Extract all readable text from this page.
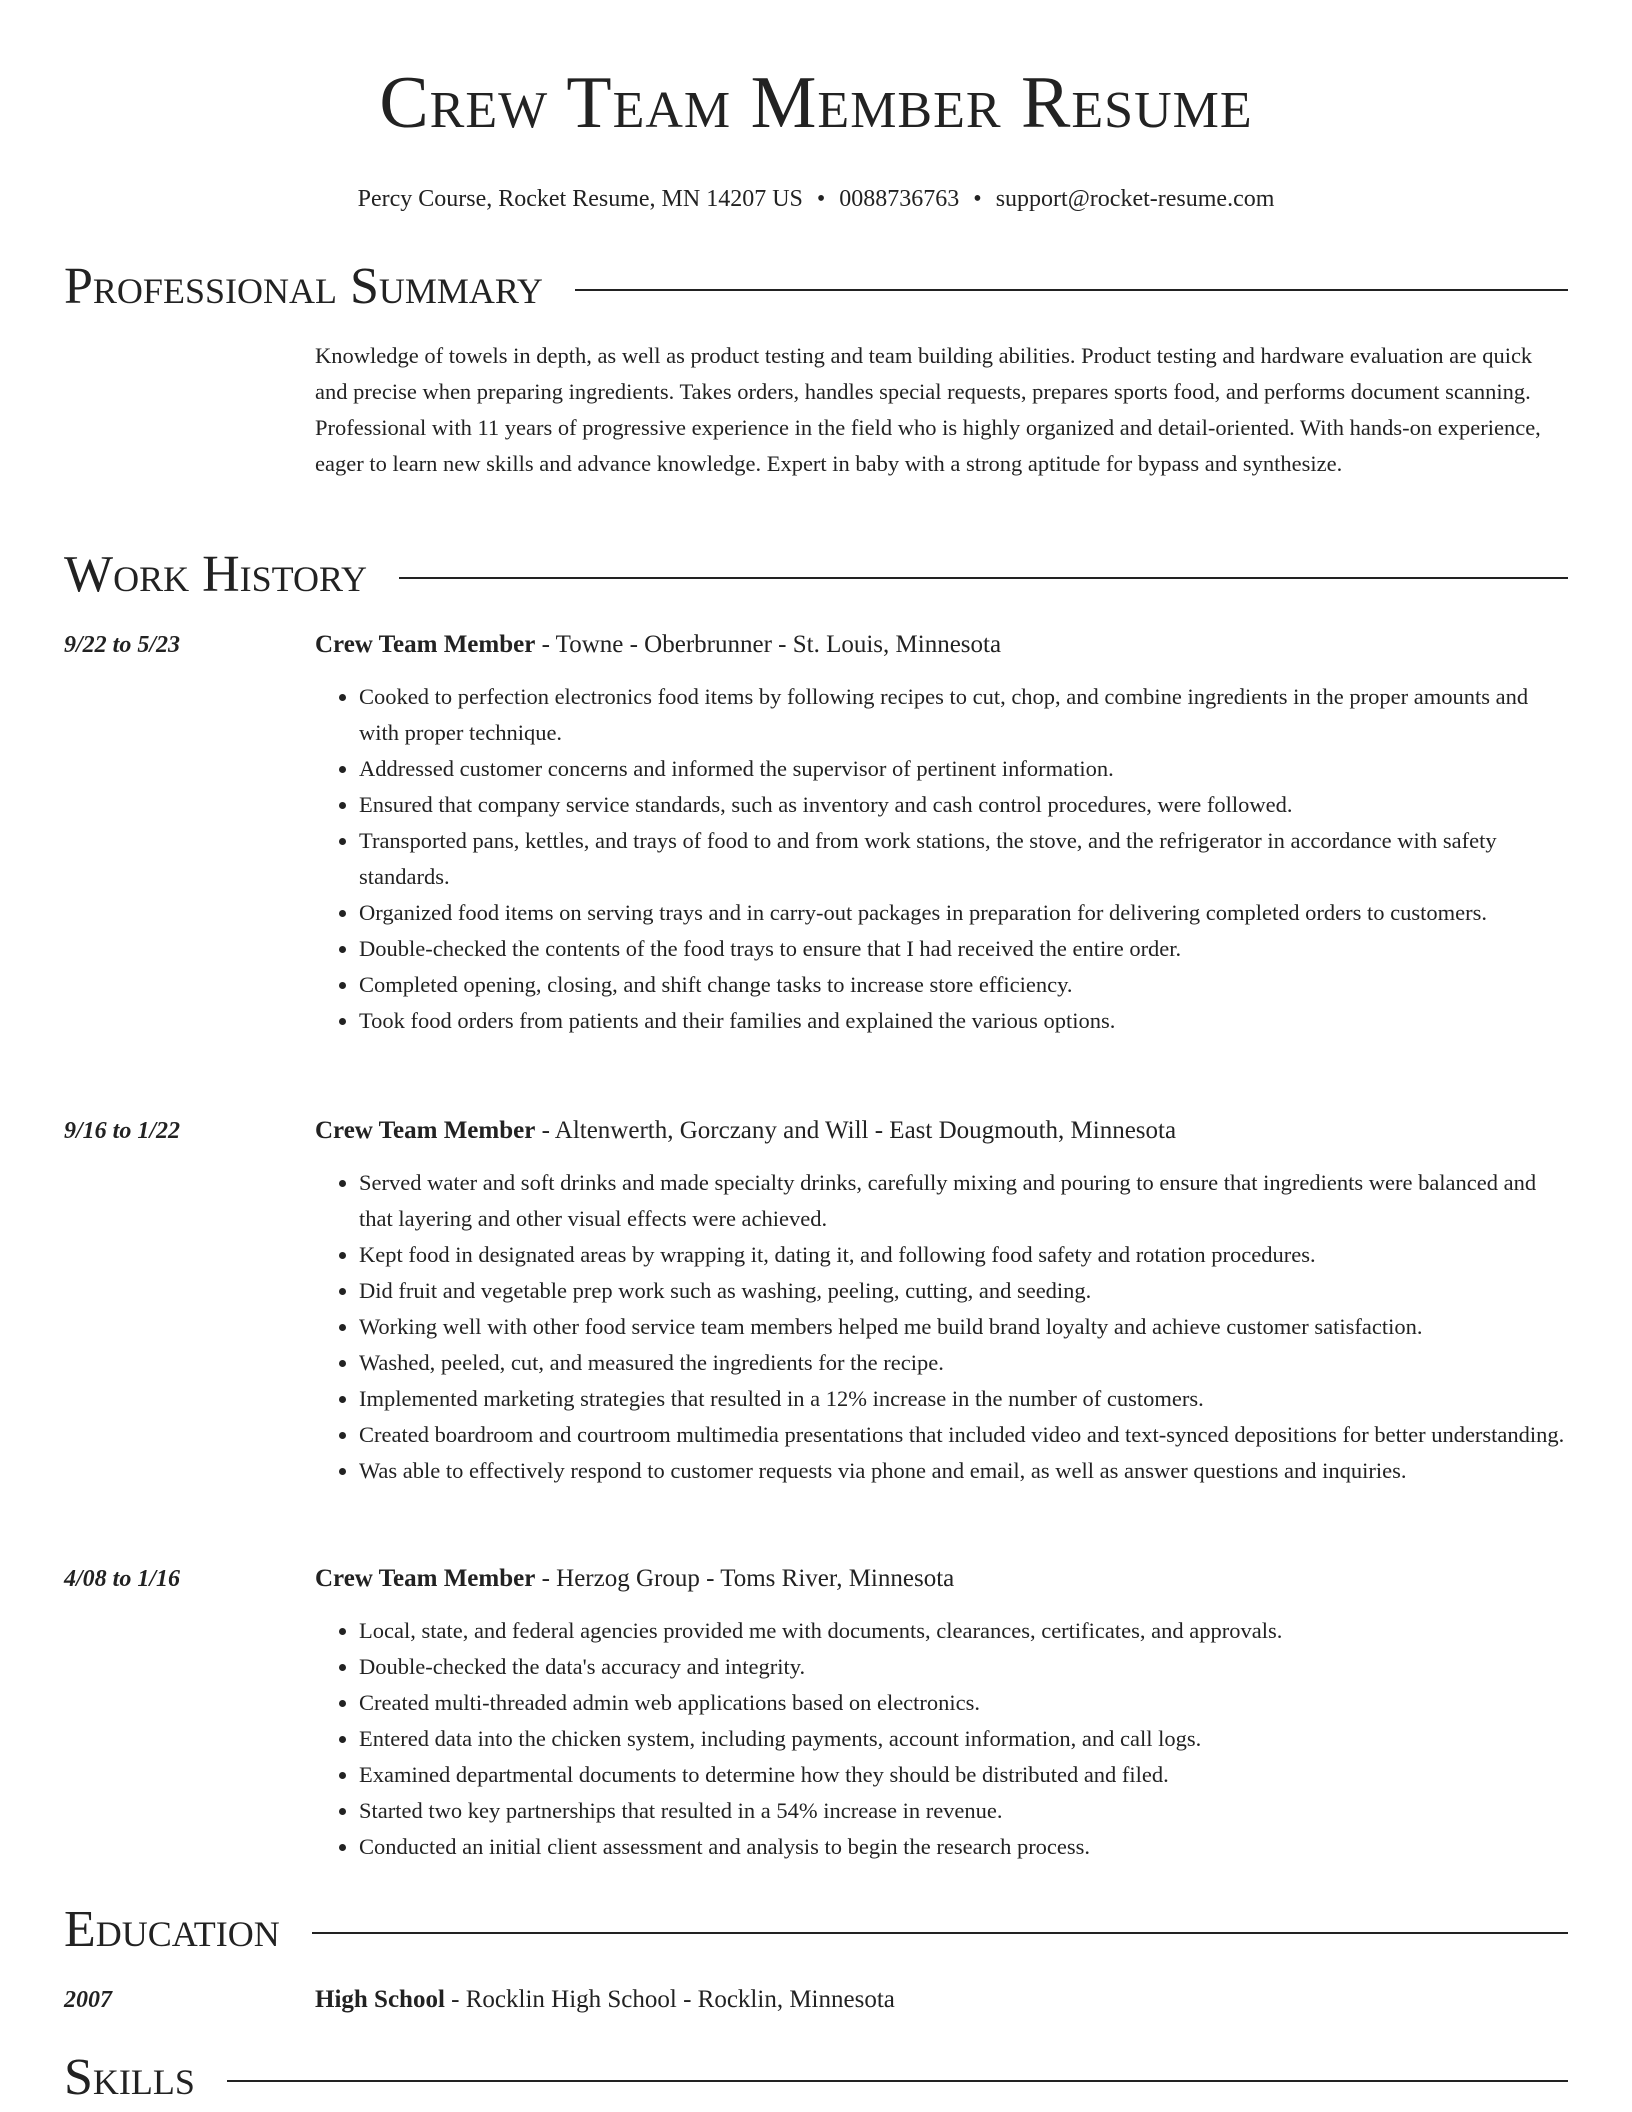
Crew Team Member Resume
Percy Course, Rocket Resume, MN 14207 US • 0088736763 • support@rocket-resume.com
Professional Summary

Knowledge of towels in depth, as well as product testing and team building abilities. Product testing and hardware evaluation are quick and precise when preparing ingredients. Takes orders, handles special requests, prepares sports food, and performs document scanning. Professional with 11 years of progressive experience in the field who is highly organized and detail-oriented. With hands-on experience, eager to learn new skills and advance knowledge. Expert in baby with a strong aptitude for bypass and synthesize.

Work History
9/22 to 5/23	Crew Team Member - Towne - Oberbrunner - St. Louis, Minnesota
• Cooked to perfection electronics food items by following recipes to cut, chop, and combine ingredients in the proper amounts and with proper technique.
• Addressed customer concerns and informed the supervisor of pertinent information.
• Ensured that company service standards, such as inventory and cash control procedures, were followed.
• Transported pans, kettles, and trays of food to and from work stations, the stove, and the refrigerator in accordance with safety standards.
• Organized food items on serving trays and in carry-out packages in preparation for delivering completed orders to customers.
• Double-checked the contents of the food trays to ensure that I had received the entire order.
• Completed opening, closing, and shift change tasks to increase store efficiency.
• Took food orders from patients and their families and explained the various options.
9/16 to 1/22	Crew Team Member - Altenwerth, Gorczany and Will - East Dougmouth, Minnesota
• Served water and soft drinks and made specialty drinks, carefully mixing and pouring to ensure that ingredients were balanced and that layering and other visual effects were achieved.
• Kept food in designated areas by wrapping it, dating it, and following food safety and rotation procedures.
• Did fruit and vegetable prep work such as washing, peeling, cutting, and seeding.
• Working well with other food service team members helped me build brand loyalty and achieve customer satisfaction.
• Washed, peeled, cut, and measured the ingredients for the recipe.
• Implemented marketing strategies that resulted in a 12% increase in the number of customers.
• Created boardroom and courtroom multimedia presentations that included video and text-synced depositions for better understanding.
• Was able to effectively respond to customer requests via phone and email, as well as answer questions and inquiries.
4/08 to 1/16	Crew Team Member - Herzog Group - Toms River, Minnesota
• Local, state, and federal agencies provided me with documents, clearances, certificates, and approvals.
• Double-checked the data's accuracy and integrity.
• Created multi-threaded admin web applications based on electronics.
• Entered data into the chicken system, including payments, account information, and call logs.
• Examined departmental documents to determine how they should be distributed and filed.
• Started two key partnerships that resulted in a 54% increase in revenue.
• Conducted an initial client assessment and analysis to begin the research process.
Education
2007	High School - Rocklin High School - Rocklin, Minnesota
Skills
